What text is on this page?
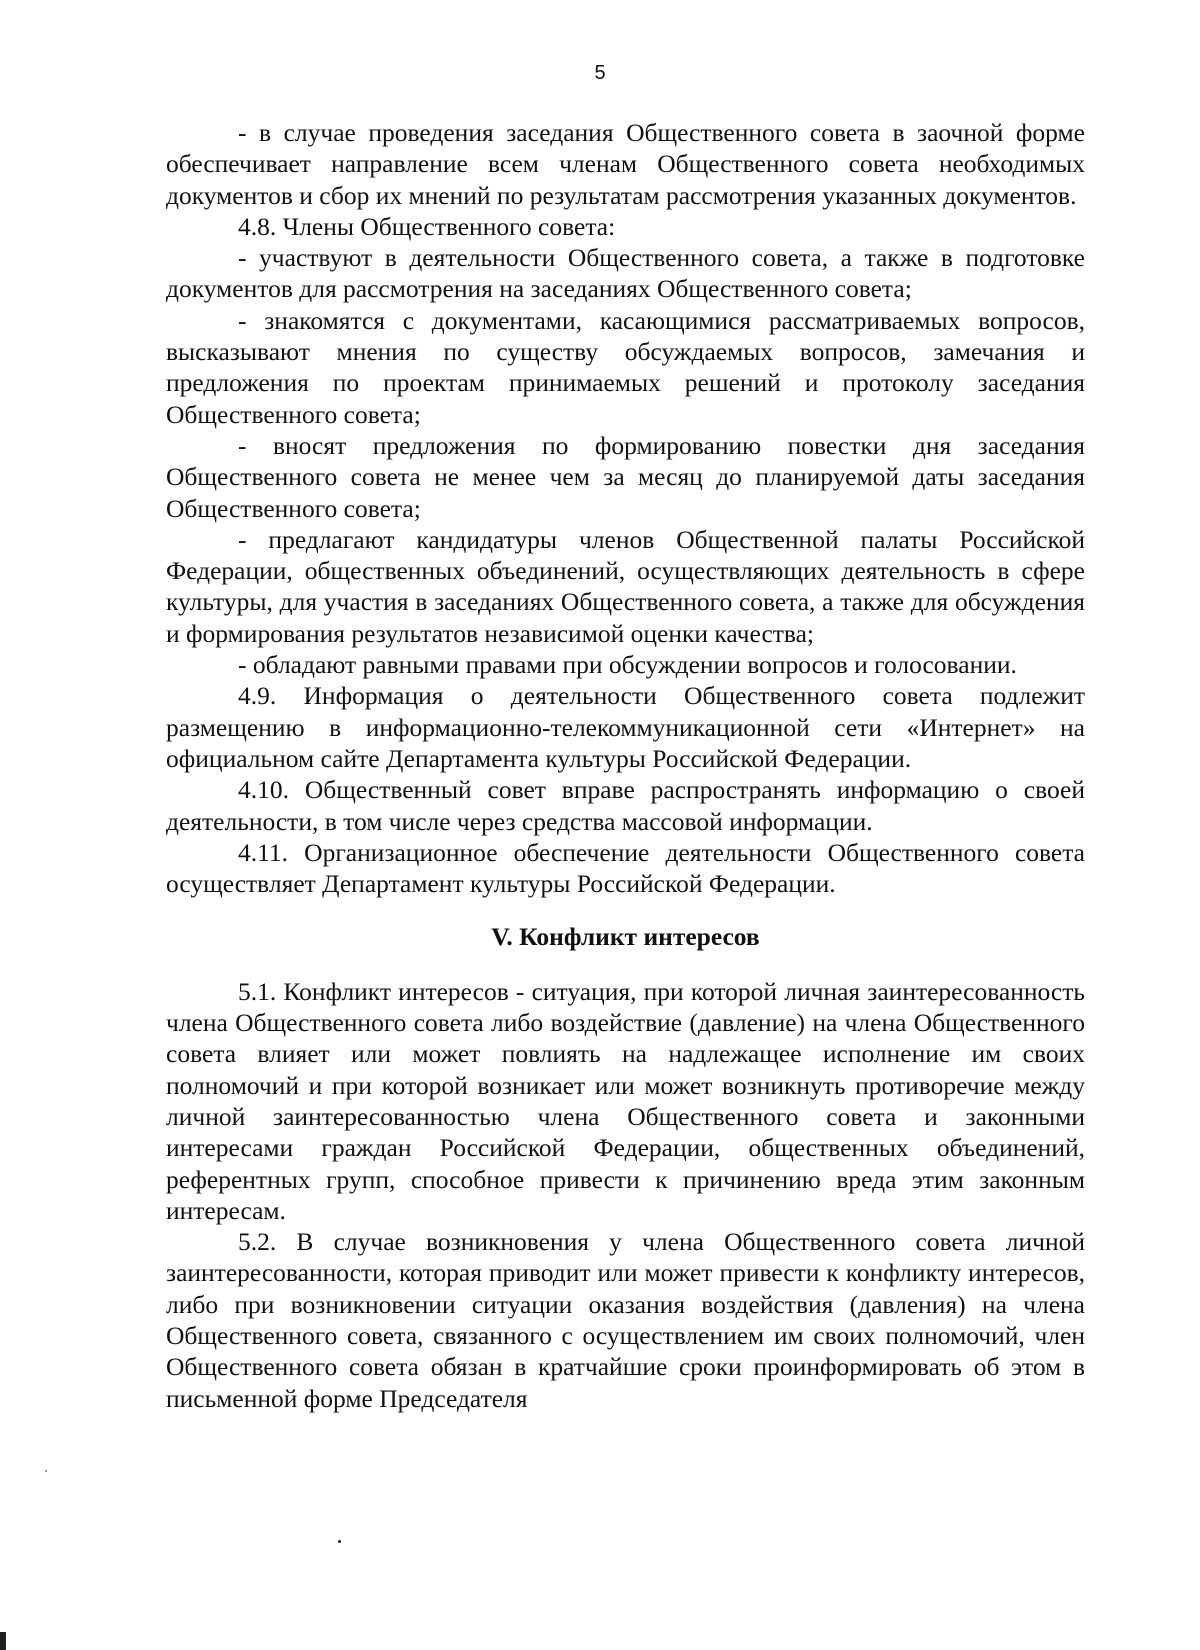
5

- в случае проведения заседания Общественного совета в заочной форме обеспечивает направление всем членам Общественного совета необходимых документов и сбор их мнений по результатам рассмотрения указанных документов.

4.8. Члены Общественного совета:

- участвуют в деятельности Общественного совета, а также в подготовке документов для рассмотрения на заседаниях Общественного совета;

- знакомятся с документами, касающимися рассматриваемых вопросов, высказывают мнения по существу обсуждаемых вопросов, замечания и предложения по проектам принимаемых решений и протоколу заседания Общественного совета;

- вносят предложения по формированию повестки дня заседания Общественного совета не менее чем за месяц до планируемой даты заседания Общественного совета;

- предлагают кандидатуры членов Общественной палаты Российской Федерации, общественных объединений, осуществляющих деятельность в сфере культуры, для участия в заседаниях Общественного совета, а также для обсуждения и формирования результатов независимой оценки качества;

- обладают равными правами при обсуждении вопросов и голосовании.

4.9. Информация о деятельности Общественного совета подлежит размещению в информационно-телекоммуникационной сети «Интернет» на официальном сайте Департамента культуры Российской Федерации.

4.10. Общественный совет вправе распространять информацию о своей деятельности, в том числе через средства массовой информации.

4.11. Организационное обеспечение деятельности Общественного совета осуществляет Департамент культуры Российской Федерации.

V. Конфликт интересов

5.1. Конфликт интересов - ситуация, при которой личная заинтересованность члена Общественного совета либо воздействие (давление) на члена Общественного совета влияет или может повлиять на надлежащее исполнение им своих полномочий и при которой возникает или может возникнуть противоречие между личной заинтересованностью члена Общественного совета и законными интересами граждан Российской Федерации, общественных объединений, референтных групп, способное привести к причинению вреда этим законным интересам.

5.2. В случае возникновения у члена Общественного совета личной заинтересованности, которая приводит или может привести к конфликту интересов, либо при возникновении ситуации оказания воздействия (давления) на члена Общественного совета, связанного с осуществлением им своих полномочий, член Общественного совета обязан в кратчайшие сроки проинформировать об этом в письменной форме Председателя
